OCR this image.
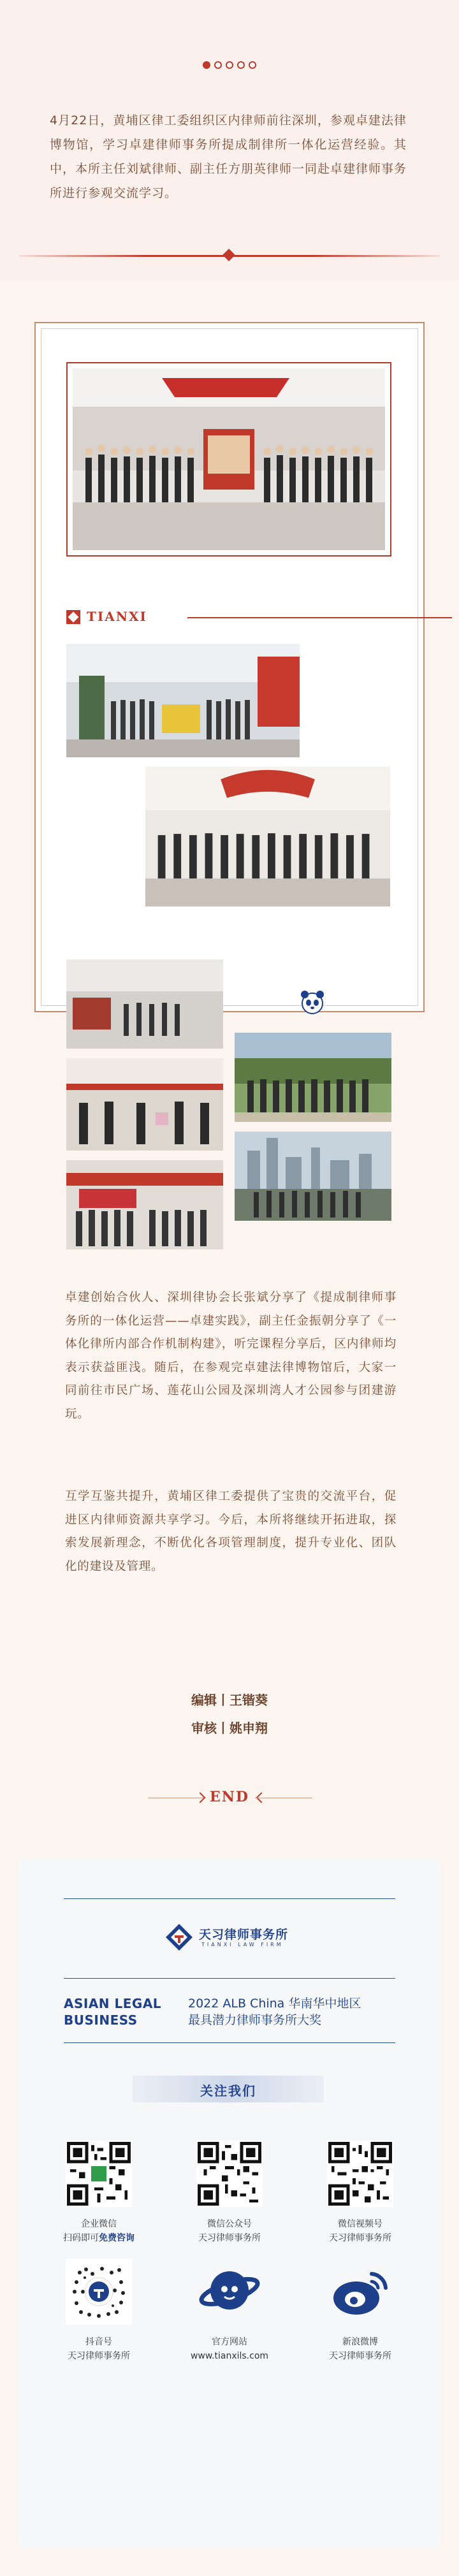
4月22日，黄埔区律工委组织区内律师前往深圳，参观卓建法律博物馆，学习卓建律师事务所提成制律所一体化运营经验。其中，本所主任刘斌律师、副主任方朋英律师一同赴卓建律师事务所进行参观交流学习。
TIANXI
卓建创始合伙人、深圳律协会长张斌分享了《提成制律师事务所的一体化运营——卓建实践》，副主任金振朝分享了《一体化律所内部合作机制构建》，听完课程分享后，区内律师均表示获益匪浅。随后，在参观完卓建法律博物馆后，大家一同前往市民广场、莲花山公园及深圳湾人才公园参与团建游玩。
互学互鉴共提升，黄埔区律工委提供了宝贵的交流平台，促进区内律师资源共享学习。今后，本所将继续开拓进取，探索发展新理念，不断优化各项管理制度，提升专业化、团队化的建设及管理。
编辑丨王锴葵
审核丨姚申翔
END
天习律师事务所
TIANXI LAW FIRM
ASIAN LEGAL
BUSINESS
2022 ALB China 华南华中地区
最具潜力律师事务所大奖
关注我们
企业微信
扫码即可免费咨询
微信公众号
天习律师事务所
微信视频号
天习律师事务所
抖音号
天习律师事务所
官方网站
www.tianxils.com
新浪微博
天习律师事务所
